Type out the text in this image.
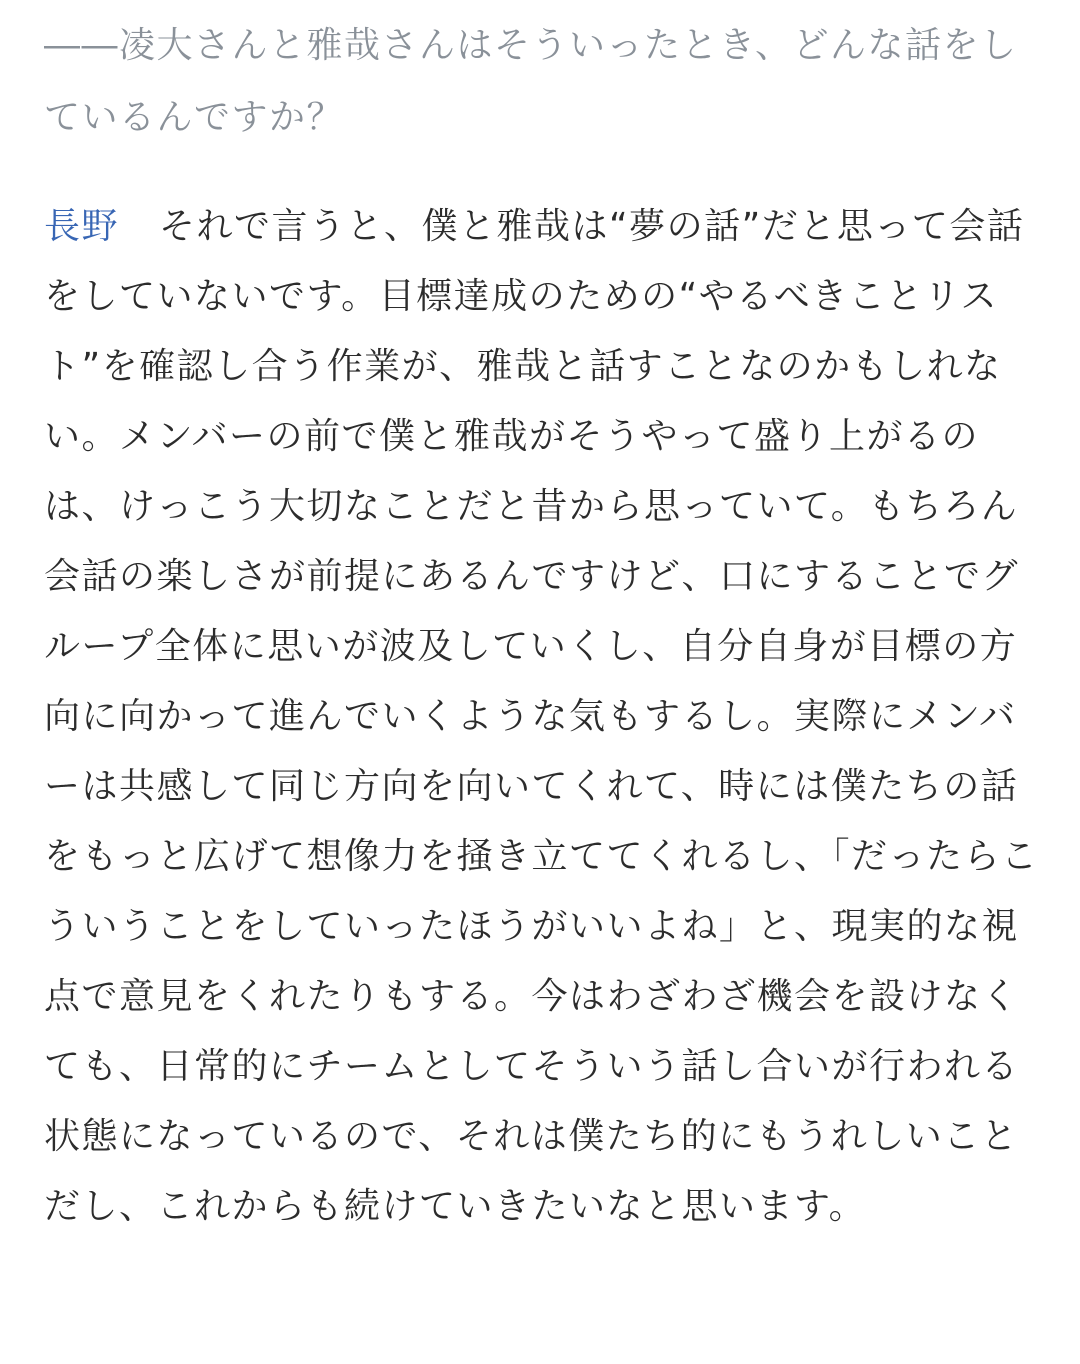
――凌大さんと雅哉さんはそういったとき、どんな話をしているんですか？

長野 それで言うと、僕と雅哉は“夢の話”だと思って会話をしていないです。目標達成のための“やるべきことリスト”を確認し合う作業が、雅哉と話すことなのかもしれない。メンバーの前で僕と雅哉がそうやって盛り上がるのは、けっこう大切なことだと昔から思っていて。もちろん会話の楽しさが前提にあるんですけど、口にすることでグループ全体に思いが波及していくし、自分自身が目標の方向に向かって進んでいくような気もするし。実際にメンバーは共感して同じ方向を向いてくれて、時には僕たちの話をもっと広げて想像力を掻き立ててくれるし、「だったらこういうことをしていったほうがいいよね」と、現実的な視点で意見をくれたりもする。今はわざわざ機会を設けなくても、日常的にチームとしてそういう話し合いが行われる状態になっているので、それは僕たち的にもうれしいことだし、これからも続けていきたいなと思います。
